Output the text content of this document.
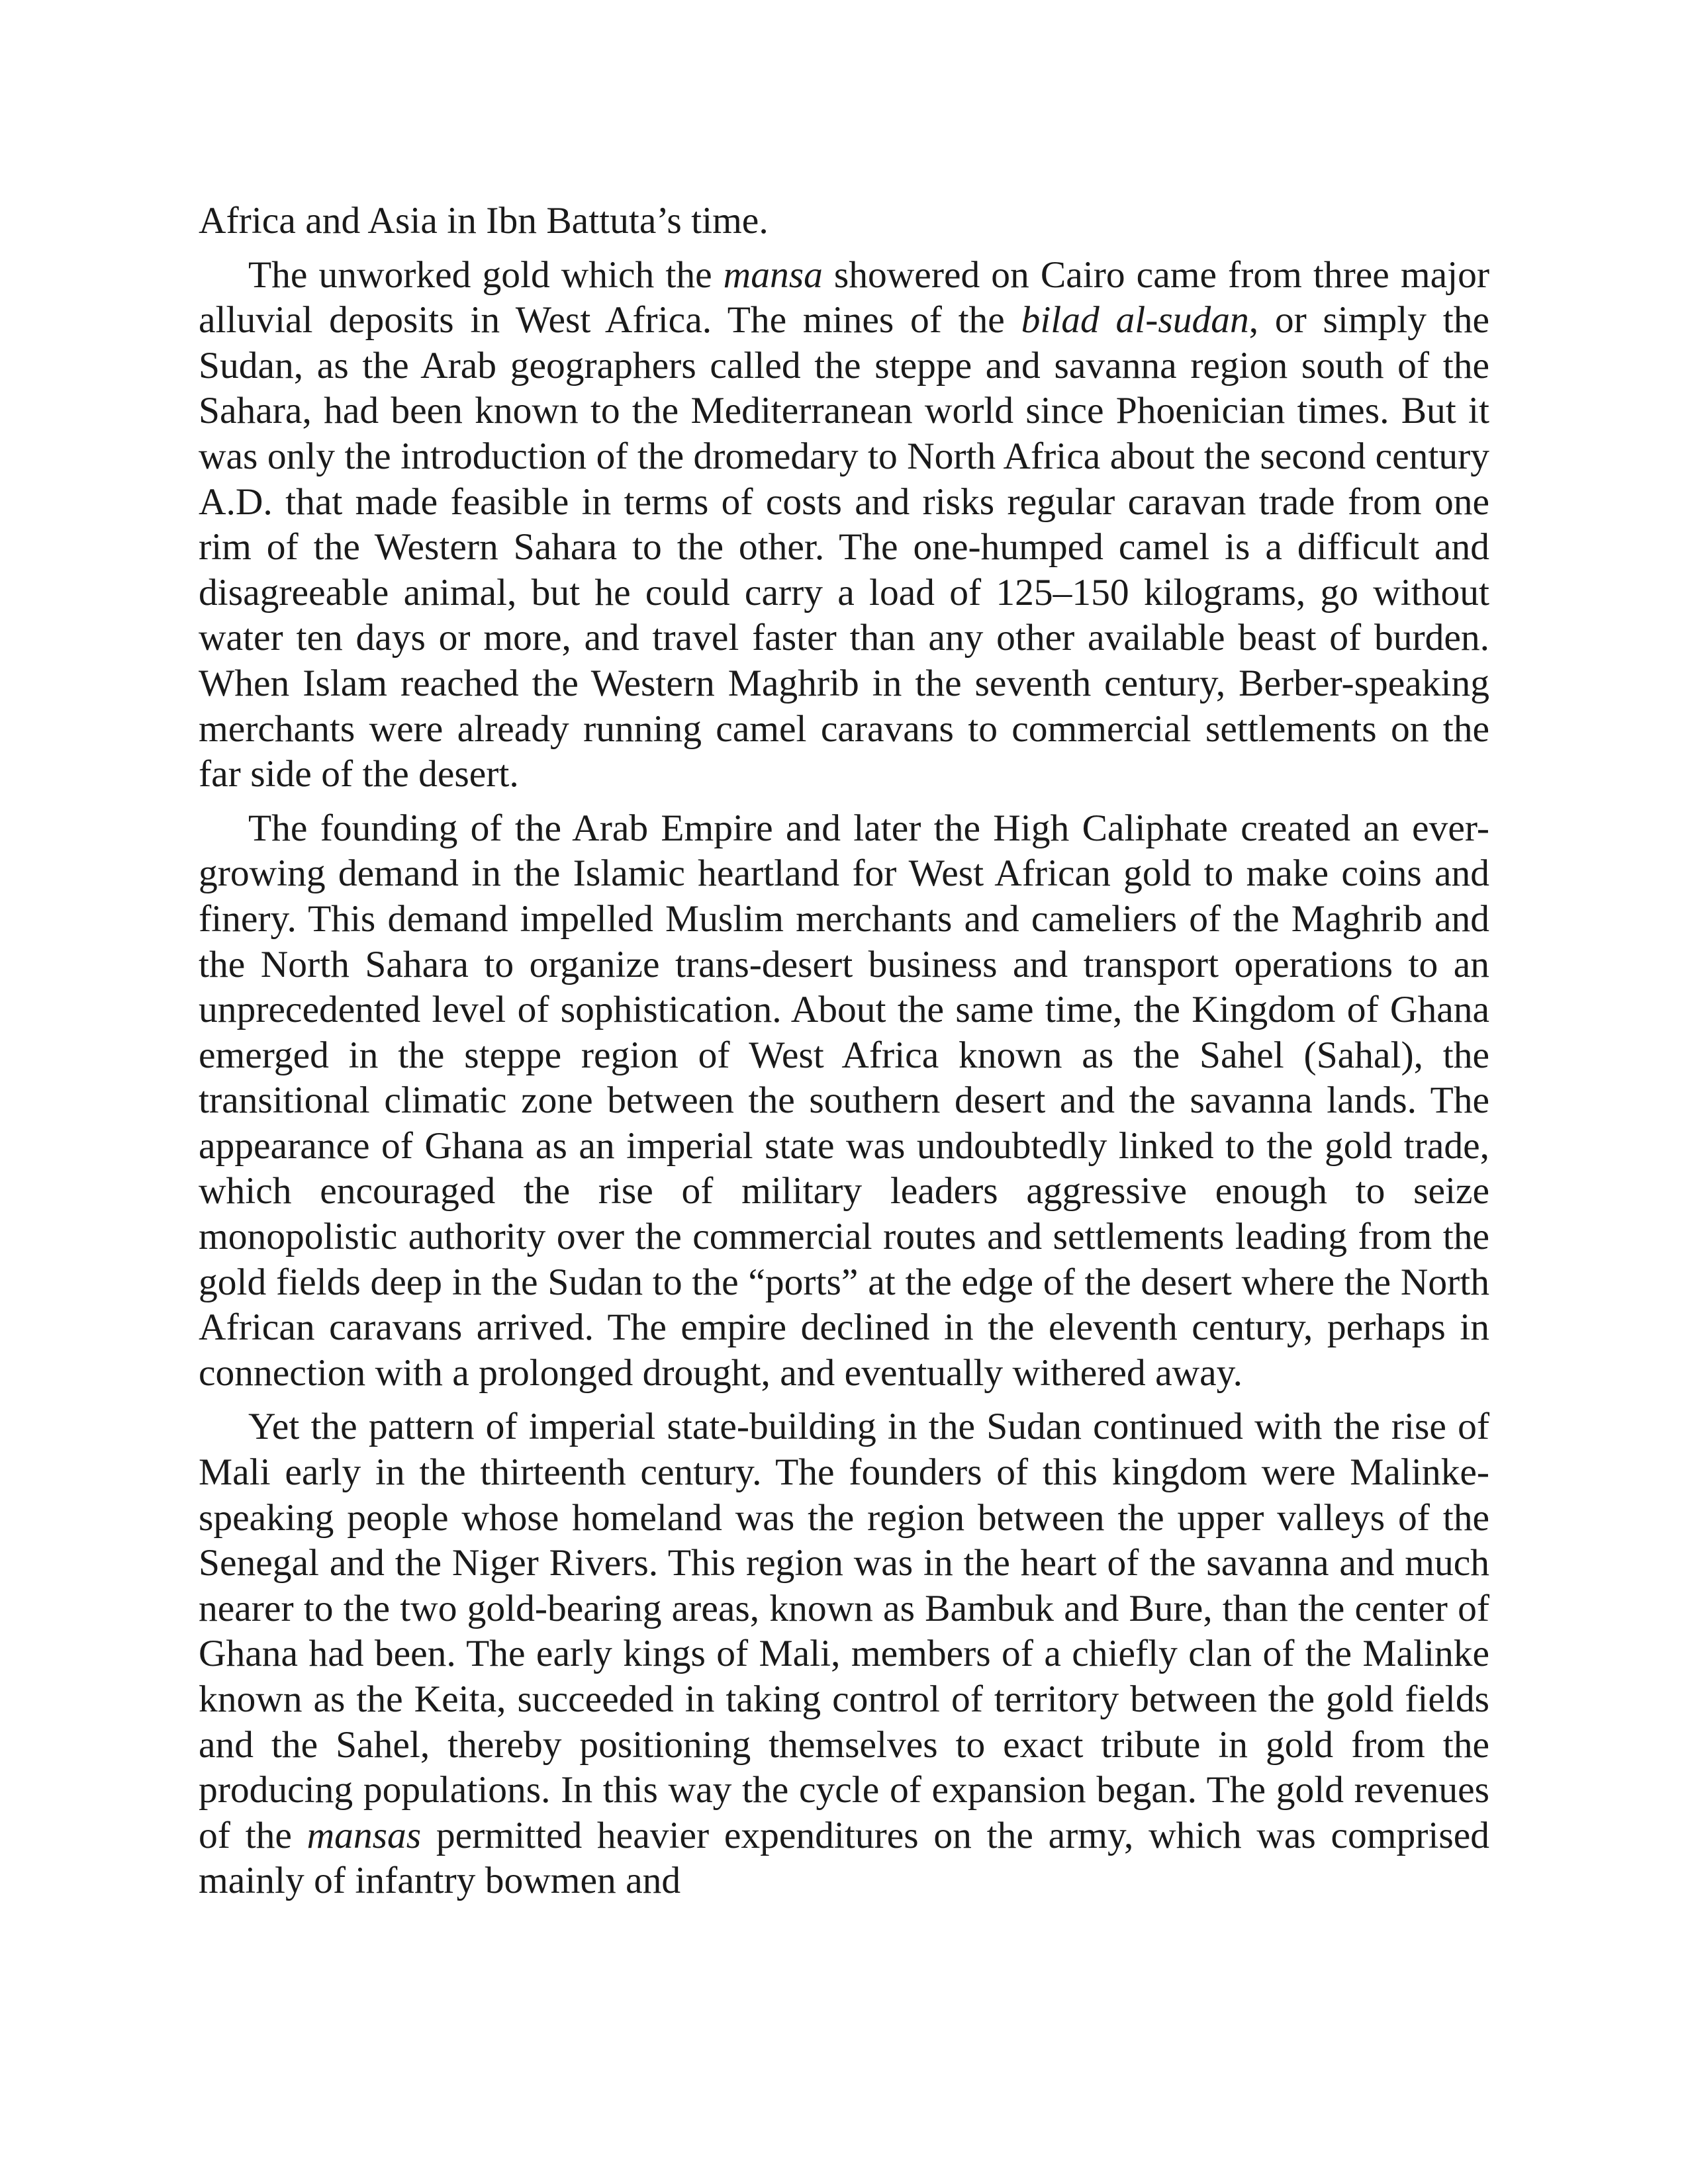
Africa and Asia in Ibn Battuta’s time.

The unworked gold which the mansa showered on Cairo came from three major alluvial deposits in West Africa. The mines of the bilad al-sudan, or simply the Sudan, as the Arab geographers called the steppe and savanna region south of the Sahara, had been known to the Mediterranean world since Phoenician times. But it was only the introduction of the dromedary to North Africa about the second century A.D. that made feasible in terms of costs and risks regular caravan trade from one rim of the Western Sahara to the other. The one-humped camel is a difficult and disagreeable animal, but he could carry a load of 125–150 kilograms, go without water ten days or more, and travel faster than any other available beast of burden. When Islam reached the Western Maghrib in the seventh century, Berber-speaking merchants were already running camel caravans to commercial settlements on the far side of the desert.

The founding of the Arab Empire and later the High Caliphate created an ever-growing demand in the Islamic heartland for West African gold to make coins and finery. This demand impelled Muslim merchants and cameliers of the Maghrib and the North Sahara to organize trans-desert business and transport operations to an unprecedented level of sophistication. About the same time, the Kingdom of Ghana emerged in the steppe region of West Africa known as the Sahel (Sahal), the transitional climatic zone between the southern desert and the savanna lands. The appearance of Ghana as an imperial state was undoubtedly linked to the gold trade, which encouraged the rise of military leaders aggressive enough to seize monopolistic authority over the commercial routes and settlements leading from the gold fields deep in the Sudan to the “ports” at the edge of the desert where the North African caravans arrived. The empire declined in the eleventh century, perhaps in connection with a prolonged drought, and eventually withered away.

Yet the pattern of imperial state-building in the Sudan continued with the rise of Mali early in the thirteenth century. The founders of this kingdom were Malinke-speaking people whose homeland was the region between the upper valleys of the Senegal and the Niger Rivers. This region was in the heart of the savanna and much nearer to the two gold-bearing areas, known as Bambuk and Bure, than the center of Ghana had been. The early kings of Mali, members of a chiefly clan of the Malinke known as the Keita, succeeded in taking control of territory between the gold fields and the Sahel, thereby positioning themselves to exact tribute in gold from the producing populations. In this way the cycle of expansion began. The gold revenues of the mansas permitted heavier expenditures on the army, which was comprised mainly of infantry bowmen and
